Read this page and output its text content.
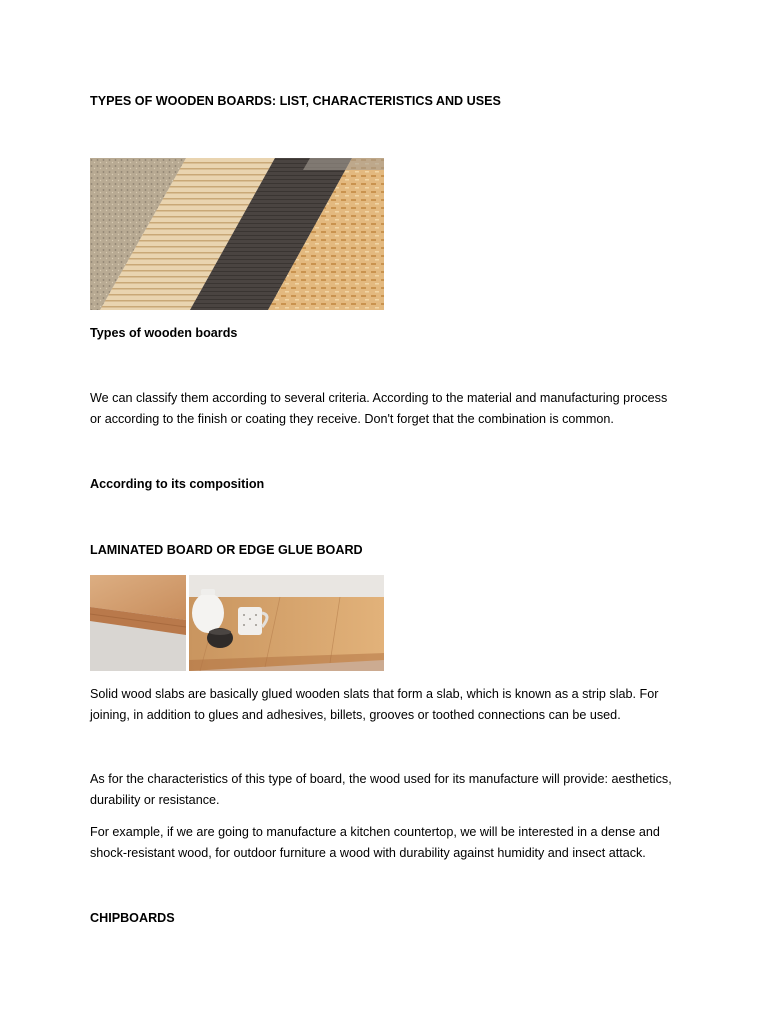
TYPES OF WOODEN BOARDS: LIST, CHARACTERISTICS AND USES

Types of wooden boards

We can classify them according to several criteria. According to the material and manufacturing process or according to the finish or coating they receive. Don't forget that the combination is common.

According to its composition

LAMINATED BOARD OR EDGE GLUE BOARD

Solid wood slabs are basically glued wooden slats that form a slab, which is known as a strip slab. For joining, in addition to glues and adhesives, billets, grooves or toothed connections can be used.

As for the characteristics of this type of board, the wood used for its manufacture will provide: aesthetics, durability or resistance.

For example, if we are going to manufacture a kitchen countertop, we will be interested in a dense and shock-resistant wood, for outdoor furniture a wood with durability against humidity and insect attack.

CHIPBOARDS
